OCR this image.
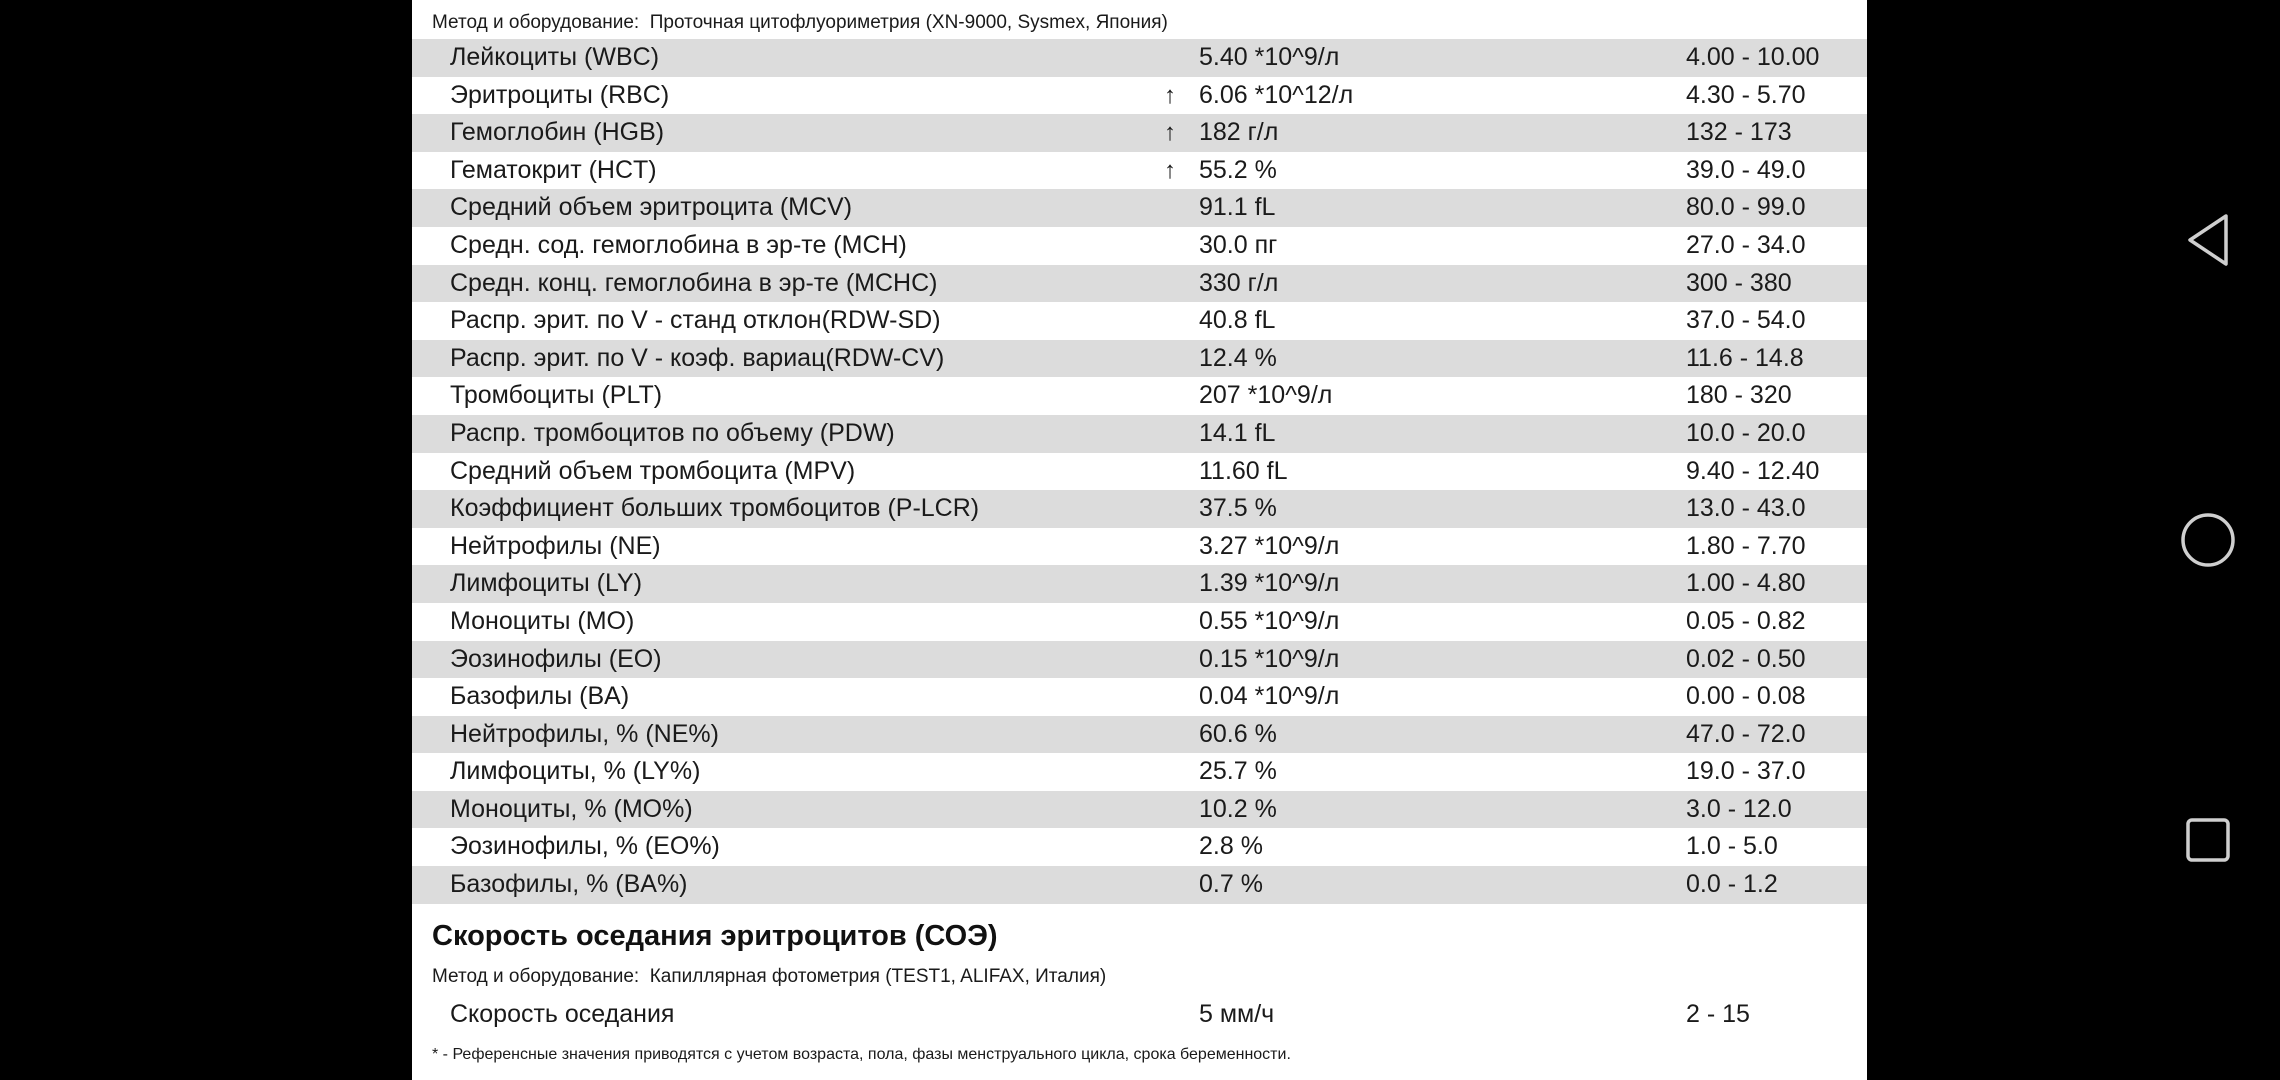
Метод и оборудование: Проточная цитофлуориметрия (XN-9000, Sysmex, Япония)
Лейкоциты (WBC)	5.40 *10^9/л	4.00 - 10.00
Эритроциты (RBC)	↑ 6.06 *10^12/л	4.30 - 5.70
Гемоглобин (HGB)	↑ 182 г/л	132 - 173
Гематокрит (HCT)	↑ 55.2 %	39.0 - 49.0
Средний объем эритроцита (MCV)	91.1 fL	80.0 - 99.0
Средн. сод. гемоглобина в эр-те (MCH)	30.0 пг	27.0 - 34.0
Средн. конц. гемоглобина в эр-те (MCHC)	330 г/л	300 - 380
Распр. эрит. по V - станд отклон(RDW-SD)	40.8 fL	37.0 - 54.0
Распр. эрит. по V - коэф. вариац(RDW-CV)	12.4 %	11.6 - 14.8
Тромбоциты (PLT)	207 *10^9/л	180 - 320
Распр. тромбоцитов по объему (PDW)	14.1 fL	10.0 - 20.0
Средний объем тромбоцита (MPV)	11.60 fL	9.40 - 12.40
Коэффициент больших тромбоцитов (P-LCR)	37.5 %	13.0 - 43.0
Нейтрофилы (NE)	3.27 *10^9/л	1.80 - 7.70
Лимфоциты (LY)	1.39 *10^9/л	1.00 - 4.80
Моноциты (MO)	0.55 *10^9/л	0.05 - 0.82
Эозинофилы (EO)	0.15 *10^9/л	0.02 - 0.50
Базофилы (BA)	0.04 *10^9/л	0.00 - 0.08
Нейтрофилы, % (NE%)	60.6 %	47.0 - 72.0
Лимфоциты, % (LY%)	25.7 %	19.0 - 37.0
Моноциты, % (MO%)	10.2 %	3.0 - 12.0
Эозинофилы, % (EO%)	2.8 %	1.0 - 5.0
Базофилы, % (BA%)	0.7 %	0.0 - 1.2
Скорость оседания эритроцитов (СОЭ)
Метод и оборудование: Капиллярная фотометрия (TEST1, ALIFAX, Италия)
Скорость оседания	5 мм/ч	2 - 15
* - Референсные значения приводятся с учетом возраста, пола, фазы менструального цикла, срока беременности.
